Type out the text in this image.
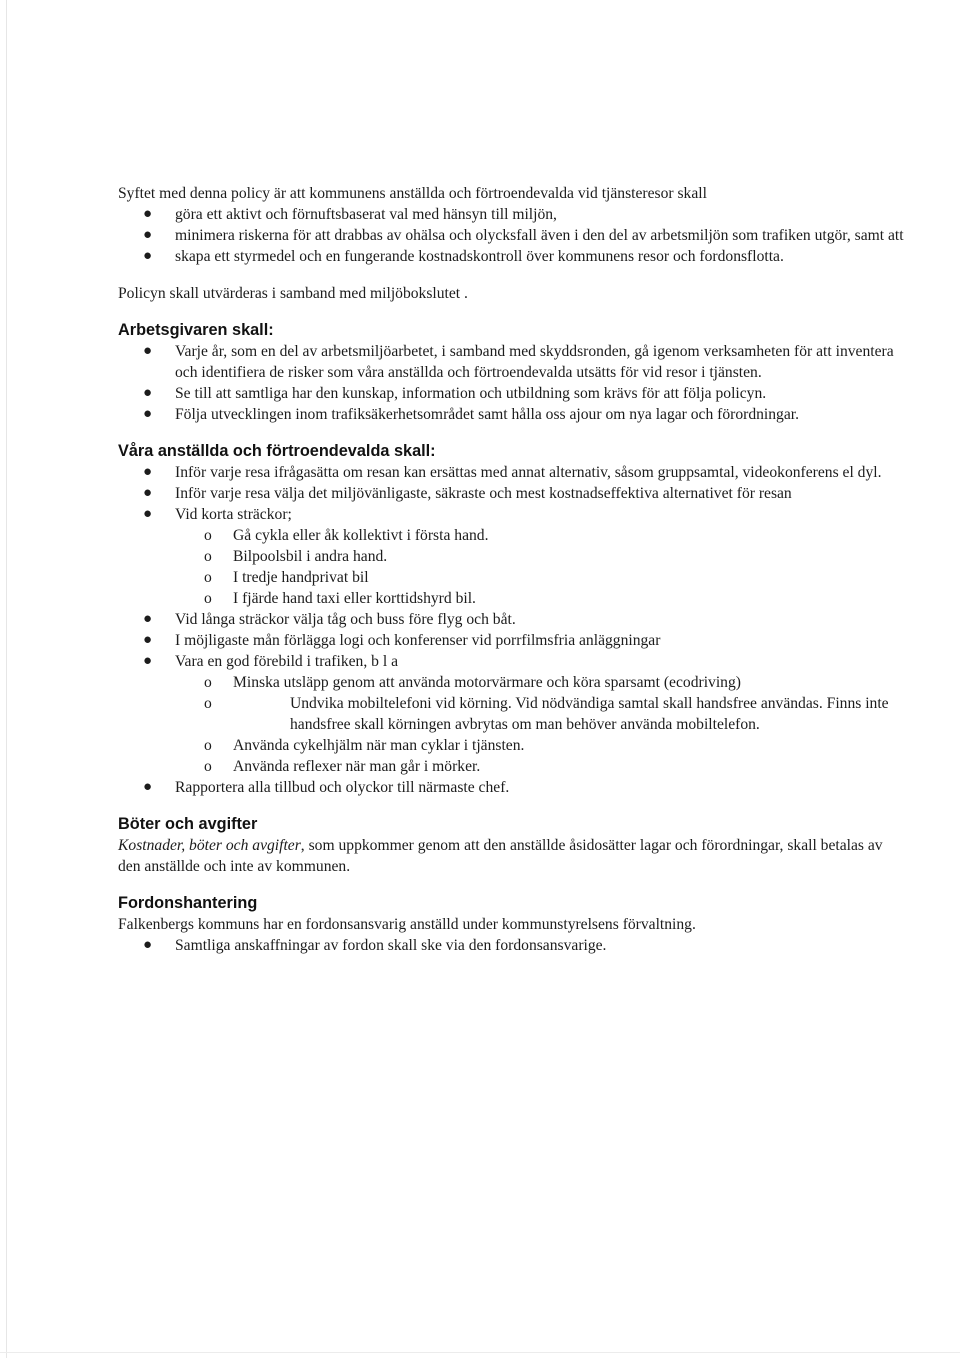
Syftet med denna policy är att kommunens anställda och förtroendevalda vid tjänsteresor skall

● göra ett aktivt och förnuftsbaserat val med hänsyn till miljön,
● minimera riskerna för att drabbas av ohälsa och olycksfall även i den del av arbetsmiljön som trafiken utgör, samt att
● skapa ett styrmedel och en fungerande kostnadskontroll över kommunens resor och fordonsflotta.

Policyn skall utvärderas i samband med miljöbokslutet .

Arbetsgivaren skall:
● Varje år, som en del av arbetsmiljöarbetet, i samband med skyddsronden, gå igenom verksamheten för att inventera och identifiera de risker som våra anställda och förtroendevalda utsätts för vid resor i tjänsten.
● Se till att samtliga har den kunskap, information och utbildning som krävs för att följa policyn.
● Följa utvecklingen inom trafiksäkerhetsområdet samt hålla oss ajour om nya lagar och förordningar.
Våra anställda och förtroendevalda skall:
● Inför varje resa ifrågasätta om resan kan ersättas med annat alternativ, såsom gruppsamtal, videokonferens el dyl.
● Inför varje resa välja det miljövänligaste, säkraste och mest kostnadseffektiva alternativet för resan
● Vid korta sträckor;
o Gå cykla eller åk kollektivt i första hand.
o Bilpoolsbil i andra hand.
o I tredje handprivat bil
o I fjärde hand taxi eller korttidshyrd bil.
● Vid långa sträckor välja tåg och buss före flyg och båt.
● I möjligaste mån förlägga logi och konferenser vid porrfilmsfria anläggningar
● Vara en god förebild i trafiken, b l a
o Minska utsläpp genom att använda motorvärmare och köra sparsamt (ecodriving)
o	Undvika mobiltelefoni vid körning. Vid nödvändiga samtal skall handsfree användas. Finns inte handsfree skall körningen avbrytas om man behöver använda mobiltelefon.
o Använda cykelhjälm när man cyklar i tjänsten.
o Använda reflexer när man går i mörker.
● Rapportera alla tillbud och olyckor till närmaste chef.
Böter och avgifter

Kostnader, böter och avgifter, som uppkommer genom att den anställde åsidosätter lagar och förordningar, skall betalas av den anställde och inte av kommunen.

Fordonshantering

Falkenbergs kommuns har en fordonsansvarig anställd under kommunstyrelsens förvaltning.

● Samtliga anskaffningar av fordon skall ske via den fordonsansvarige.
